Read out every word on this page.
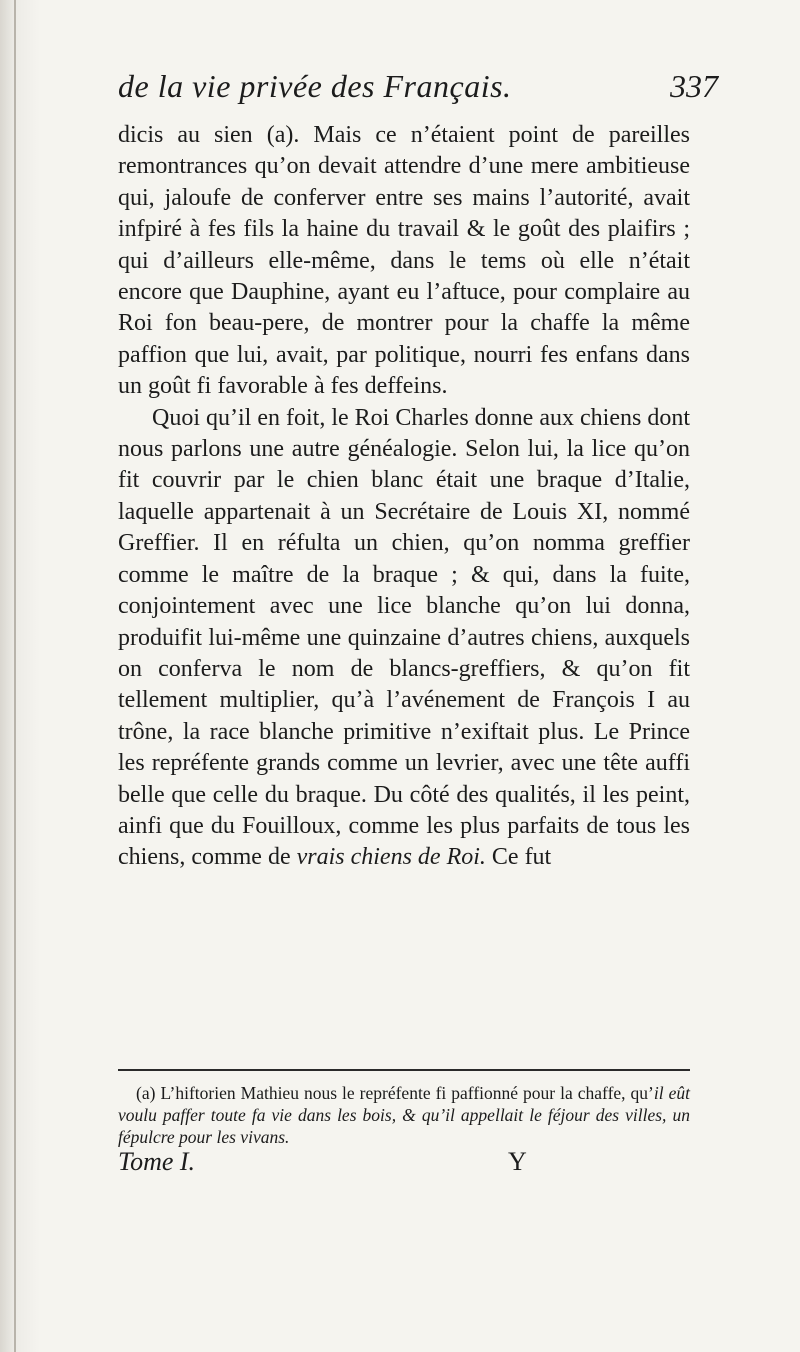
de la vie privée des Français.	337

dicis au sien (a). Mais ce n’étaient point de pareilles remontrances qu’on devait attendre d’une mere ambitieuse qui, jaloufe de conferver entre ses mains l’autorité, avait infpiré à fes fils la haine du travail & le goût des plaifirs ; qui d’ailleurs elle-même, dans le tems où elle n’était encore que Dauphine, ayant eu l’aftuce, pour complaire au Roi fon beau-pere, de montrer pour la chaffe la même paffion que lui, avait, par politique, nourri fes enfans dans un goût fi favorable à fes deffeins.

Quoi qu’il en foit, le Roi Charles donne aux chiens dont nous parlons une autre généalogie. Selon lui, la lice qu’on fit couvrir par le chien blanc était une braque d’Italie, laquelle appartenait à un Secrétaire de Louis XI, nommé Greffier. Il en réfulta un chien, qu’on nomma greffier comme le maître de la braque ; & qui, dans la fuite, conjointement avec une lice blanche qu’on lui donna, produifit lui-même une quinzaine d’autres chiens, auxquels on conferva le nom de blancs-greffiers, & qu’on fit tellement multiplier, qu’à l’avénement de François I au trône, la race blanche primitive n’exiftait plus. Le Prince les repréfente grands comme un levrier, avec une tête auffi belle que celle du braque. Du côté des qualités, il les peint, ainfi que du Fouilloux, comme les plus parfaits de tous les chiens, comme de vrais chiens de Roi. Ce fut

(a) L’hiftorien Mathieu nous le repréfente fi paffionné pour la chaffe, qu’il eût voulu paffer toute fa vie dans les bois, & qu’il appellait le féjour des villes, un fépulcre pour les vivans.
Tome I.	Y
